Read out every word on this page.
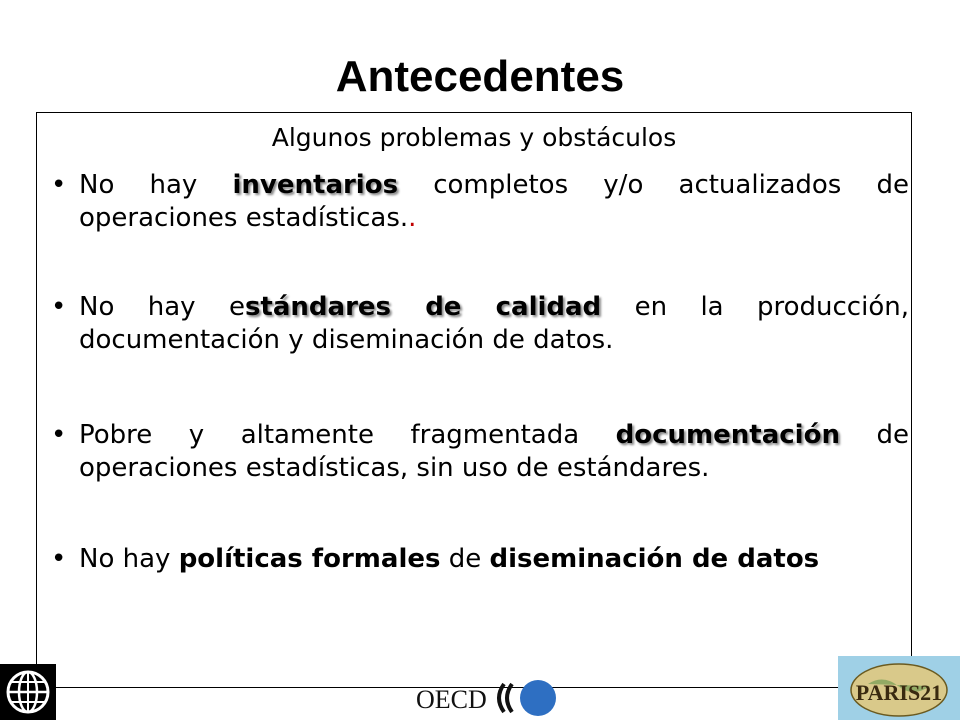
Antecedentes
Algunos problemas y obstáculos
• No hay inventarios completos y/o actualizados de operaciones estadísticas..
• No hay estándares de calidad en la producción, documentación y diseminación de datos.
• Pobre y altamente fragmentada documentación de operaciones estadísticas, sin uso de estándares.
• No hay políticas formales de diseminación de datos
OECD	PARIS21
